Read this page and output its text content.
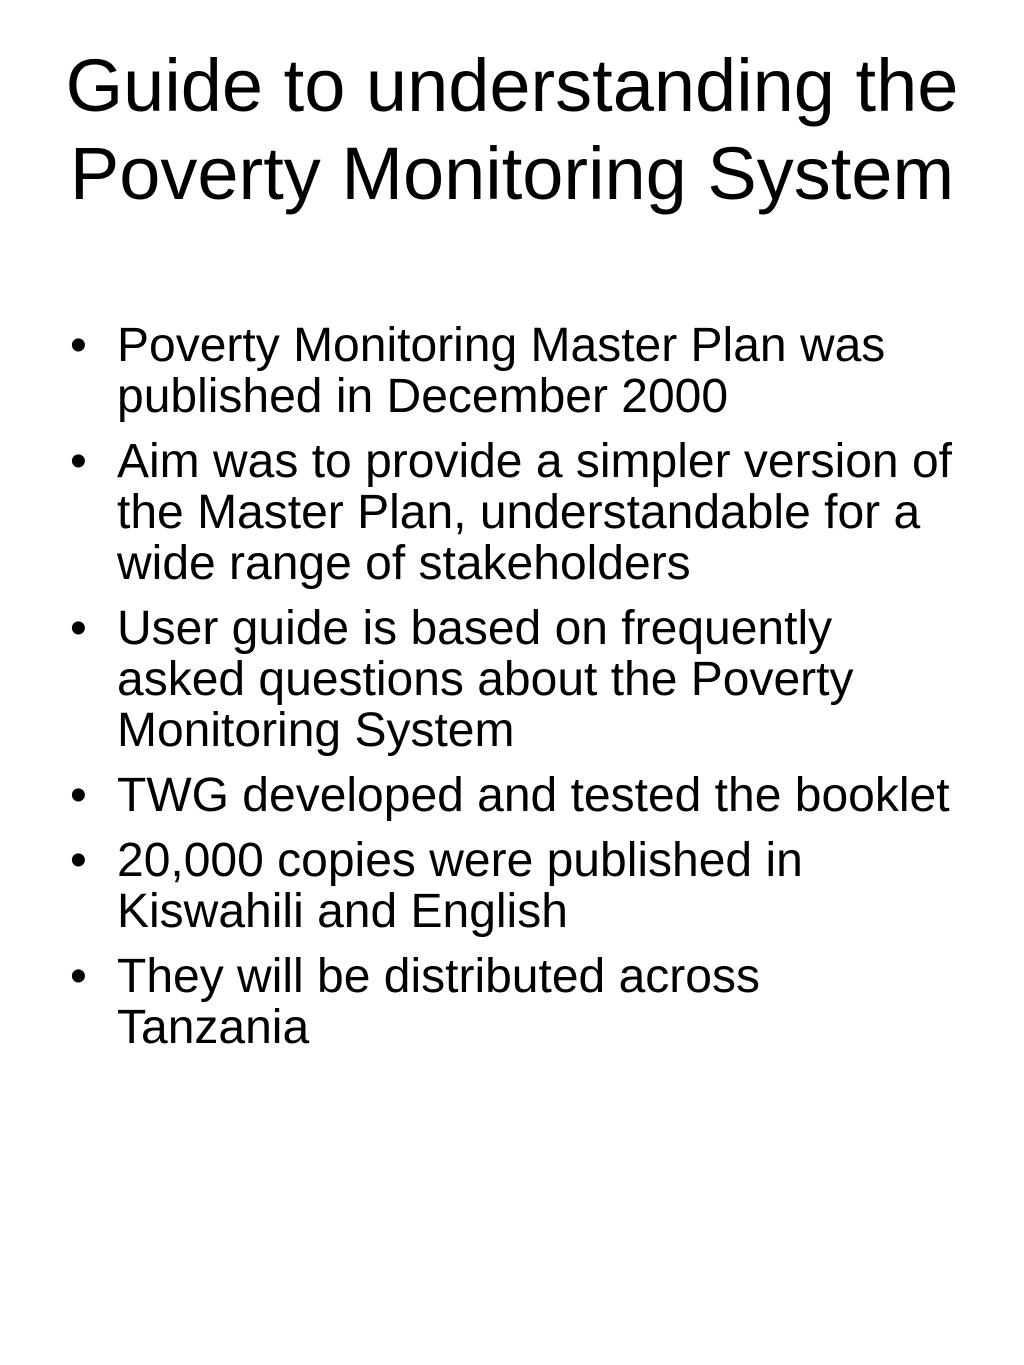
Guide to understanding the Poverty Monitoring System
• Poverty Monitoring Master Plan was published in December 2000
• Aim was to provide a simpler version of the Master Plan, understandable for a wide range of stakeholders
• User guide is based on frequently asked questions about the Poverty Monitoring System
• TWG developed and tested the booklet
• 20,000 copies were published in Kiswahili and English
• They will be distributed across Tanzania
